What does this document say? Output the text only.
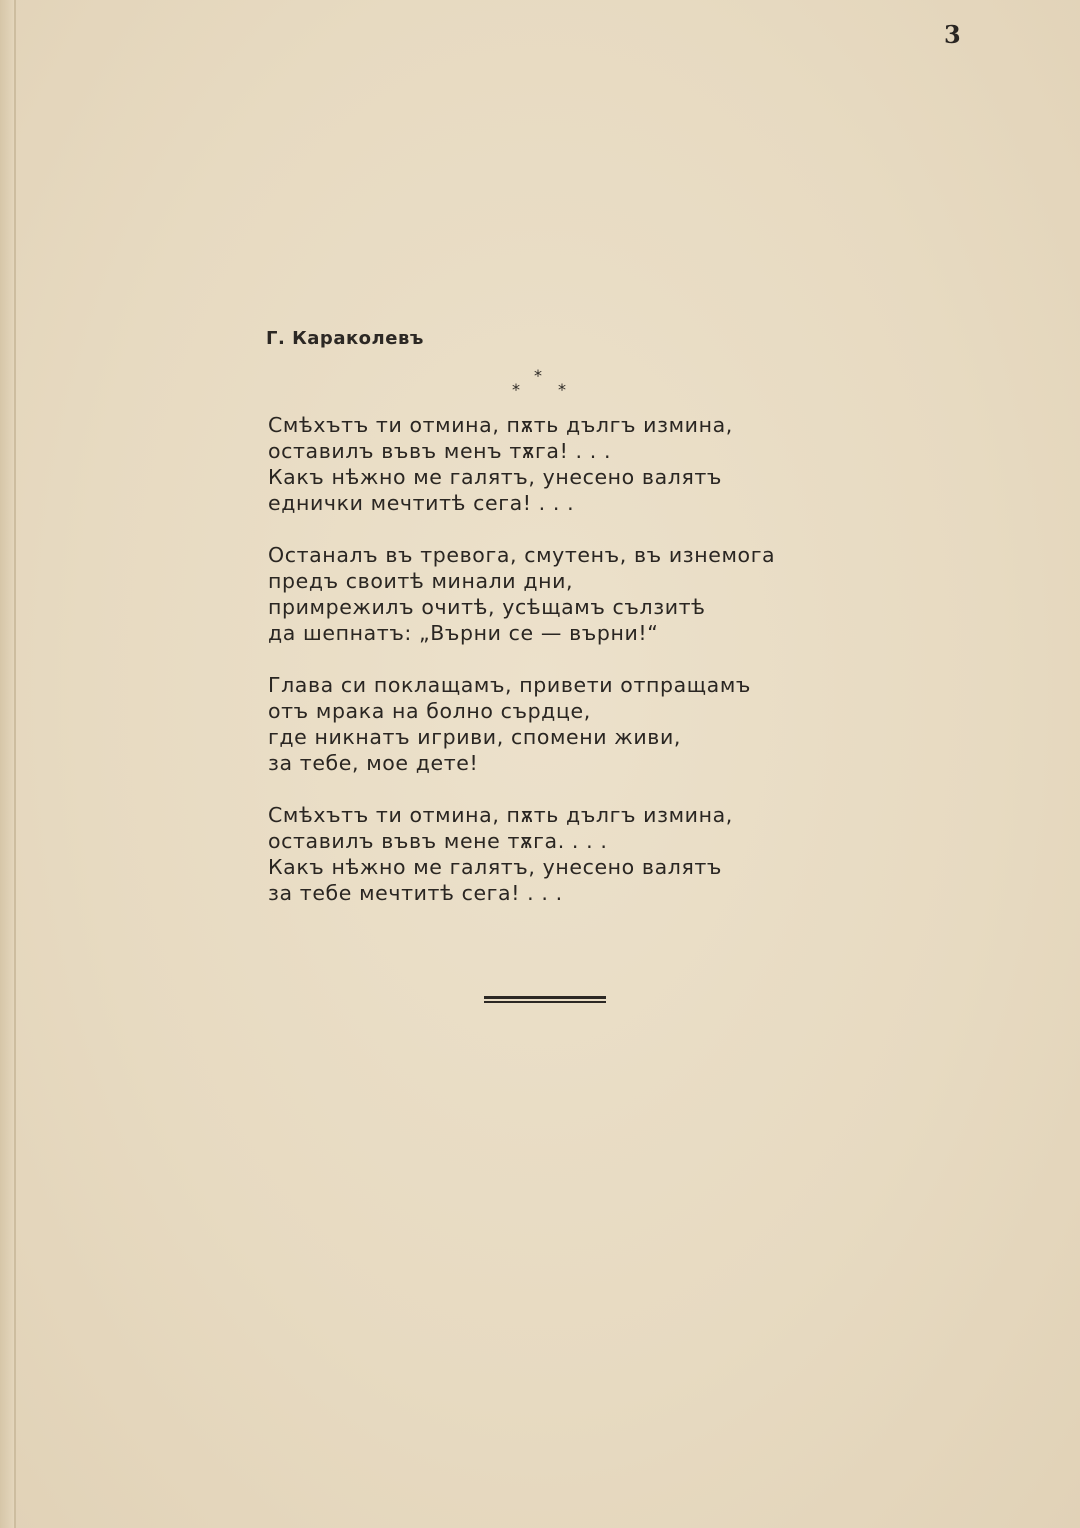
3
Г. Караколевъ
*
* *
Смѣхътъ ти отмина, пѫть дългъ измина,
оставилъ въвъ менъ тѫга! . . .
Какъ нѣжно ме галятъ, унесено валятъ
еднички мечтитѣ сега! . . .
Останалъ въ тревога, смутенъ, въ изнемога
предъ своитѣ минали дни,
примрежилъ очитѣ, усѣщамъ сълзитѣ
да шепнатъ: „Върни се — върни!“
Глава си поклащамъ, привети отпращамъ
отъ мрака на болно сърдце,
где никнатъ игриви, спомени живи,
за тебе, мое дете!
Смѣхътъ ти отмина, пѫть дългъ измина,
оставилъ въвъ мене тѫга. . . .
Какъ нѣжно ме галятъ, унесено валятъ
за тебе мечтитѣ сега! . . .
